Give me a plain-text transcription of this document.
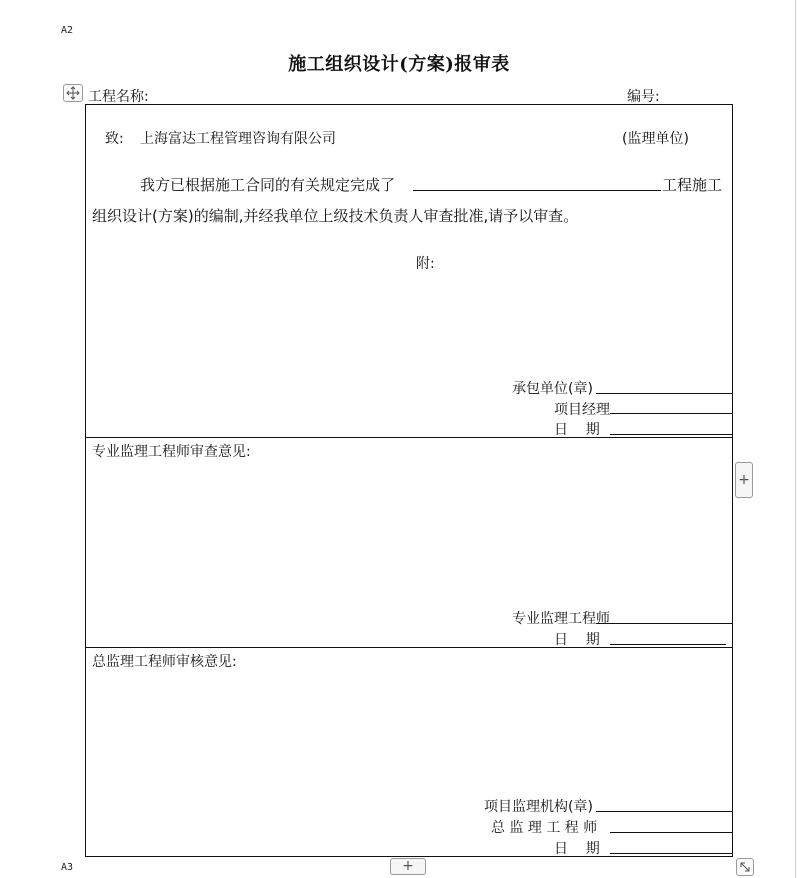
A2
A3
施工组织设计(方案)报审表
工程名称:	编号:
致: 上海富达工程管理咨询有限公司	(监理单位)
我方已根据施工合同的有关规定完成了	工程施工
组织设计(方案)的编制,并经我单位上级技术负责人审查批准,请予以审查。
附:
承包单位(章)
项目经理
日    期
专业监理工程师审查意见:
专业监理工程师
日    期
总监理工程师审核意见:
项目监理机构(章)
总 监 理 工 程 师
日    期
+
+
